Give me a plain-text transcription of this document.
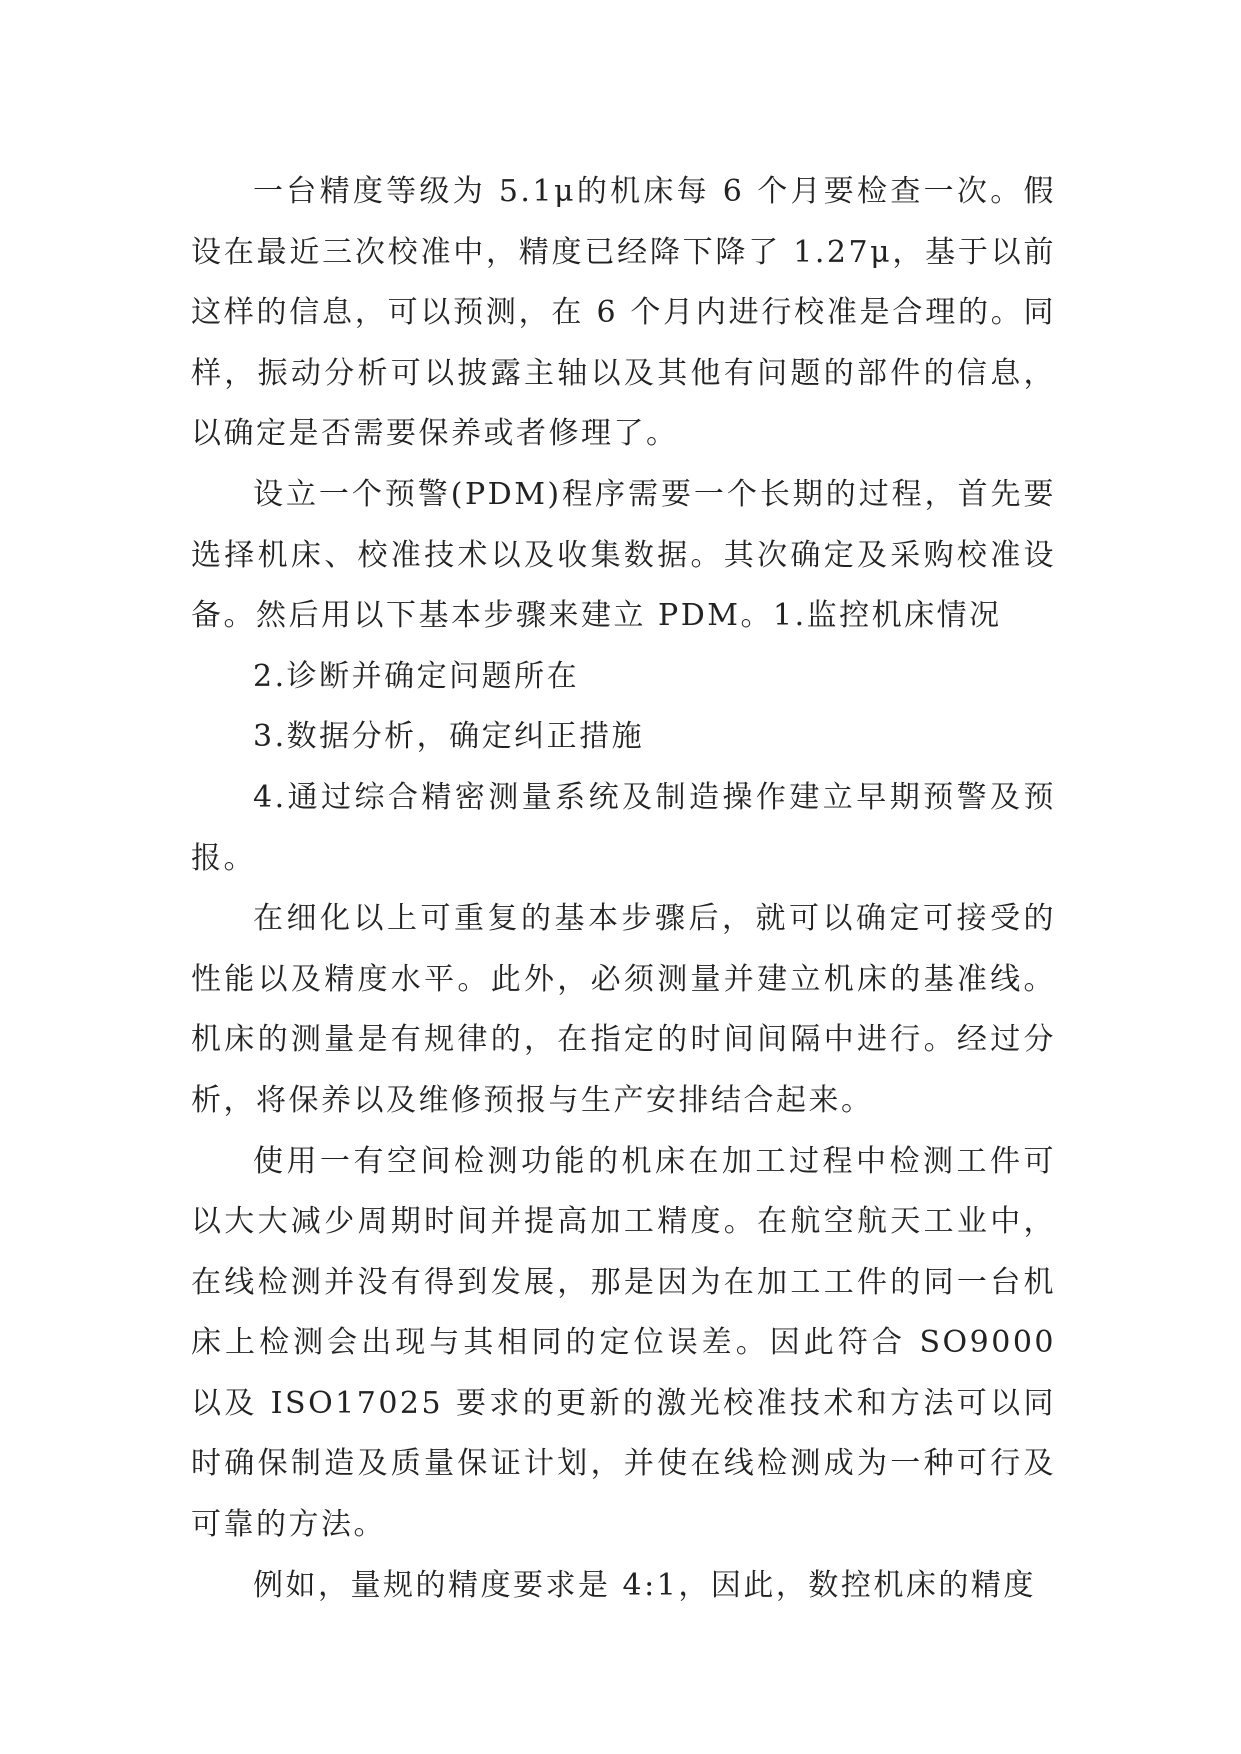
一台精度等级为 5.1μ的机床每 6 个月要检查一次。假设在最近三次校准中，精度已经降下降了 1.27μ，基于以前这样的信息，可以预测，在 6 个月内进行校准是合理的。同样，振动分析可以披露主轴以及其他有问题的部件的信息，以确定是否需要保养或者修理了。

设立一个预警(PDM)程序需要一个长期的过程，首先要选择机床、校准技术以及收集数据。其次确定及采购校准设备。然后用以下基本步骤来建立 PDM。1.监控机床情况

2.诊断并确定问题所在

3.数据分析，确定纠正措施

4.通过综合精密测量系统及制造操作建立早期预警及预报。

在细化以上可重复的基本步骤后，就可以确定可接受的性能以及精度水平。此外，必须测量并建立机床的基准线。机床的测量是有规律的，在指定的时间间隔中进行。经过分析，将保养以及维修预报与生产安排结合起来。

使用一有空间检测功能的机床在加工过程中检测工件可以大大减少周期时间并提高加工精度。在航空航天工业中，在线检测并没有得到发展，那是因为在加工工件的同一台机床上检测会出现与其相同的定位误差。因此符合 SO9000 以及 ISO17025 要求的更新的激光校准技术和方法可以同时确保制造及质量保证计划，并使在线检测成为一种可行及可靠的方法。

例如，量规的精度要求是 4:1，因此，数控机床的精度
